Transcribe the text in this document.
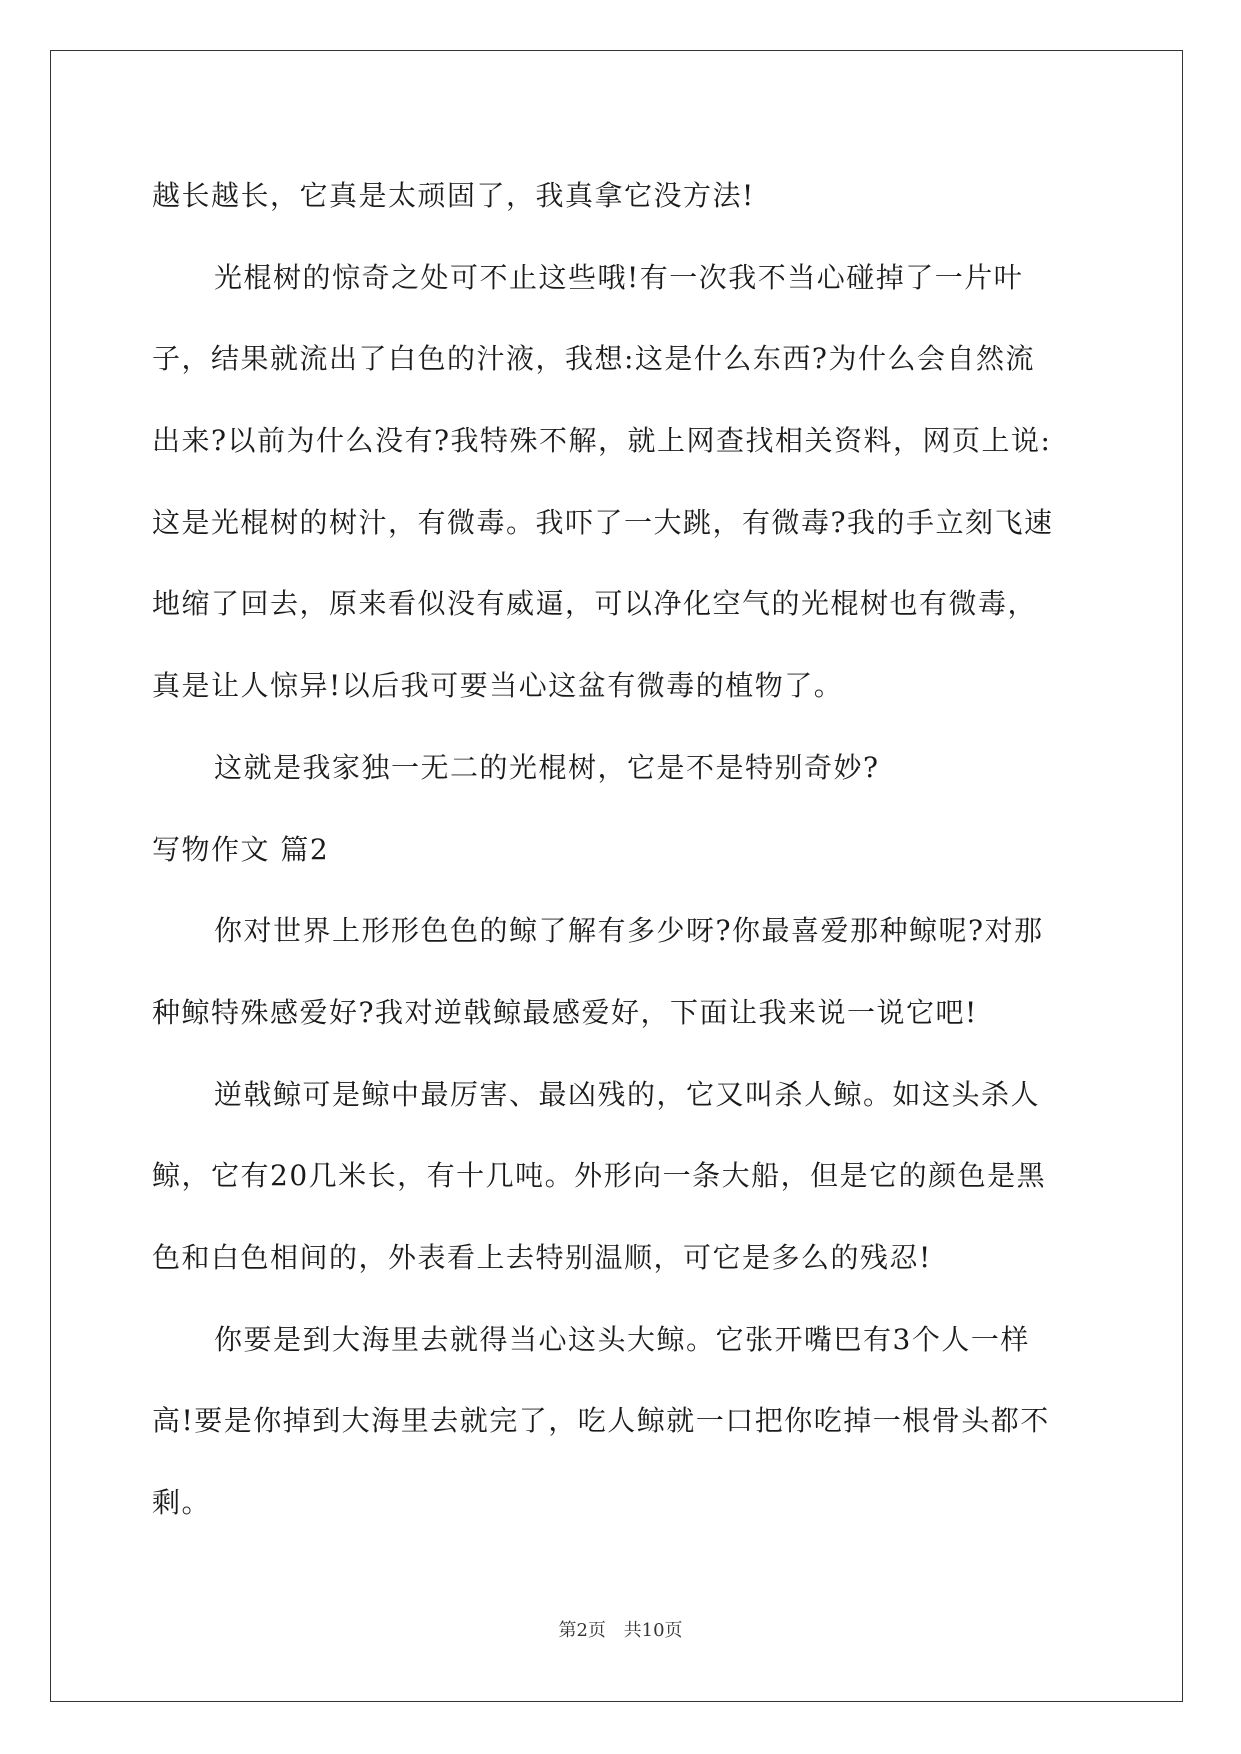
越长越长，它真是太顽固了，我真拿它没方法!
光棍树的惊奇之处可不止这些哦!有一次我不当心碰掉了一片叶
子，结果就流出了白色的汁液，我想:这是什么东西?为什么会自然流
出来?以前为什么没有?我特殊不解，就上网查找相关资料，网页上说:
这是光棍树的树汁，有微毒。我吓了一大跳，有微毒?我的手立刻飞速
地缩了回去，原来看似没有威逼，可以净化空气的光棍树也有微毒，
真是让人惊异!以后我可要当心这盆有微毒的植物了。
这就是我家独一无二的光棍树，它是不是特别奇妙?
写物作文 篇2
你对世界上形形色色的鲸了解有多少呀?你最喜爱那种鲸呢?对那
种鲸特殊感爱好?我对逆戟鲸最感爱好，下面让我来说一说它吧!
逆戟鲸可是鲸中最厉害、最凶残的，它又叫杀人鲸。如这头杀人
鲸，它有20几米长，有十几吨。外形向一条大船，但是它的颜色是黑
色和白色相间的，外表看上去特别温顺，可它是多么的残忍!
你要是到大海里去就得当心这头大鲸。它张开嘴巴有3个人一样
高!要是你掉到大海里去就完了，吃人鲸就一口把你吃掉一根骨头都不
剩。
第2页 共10页
